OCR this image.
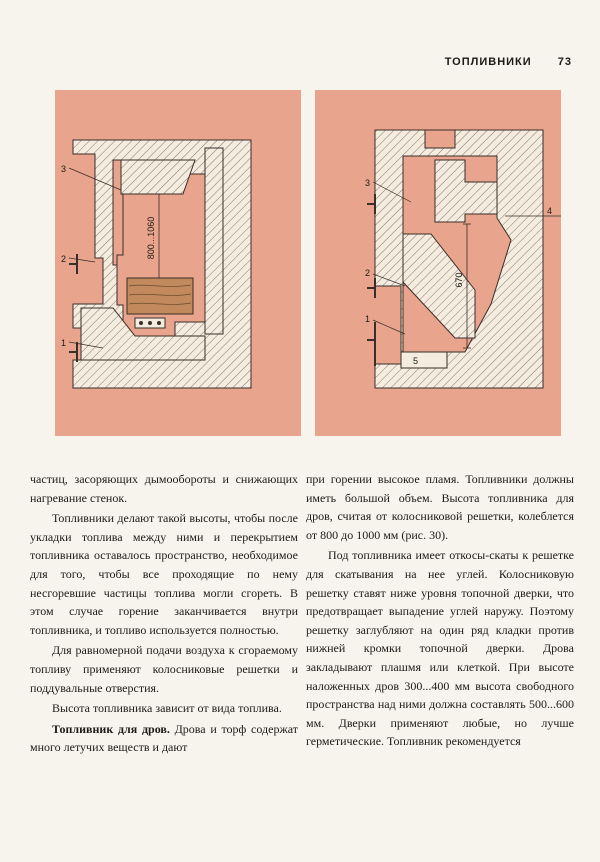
ТОПЛИВНИКИ 73
800...1060
3
2
1
670
3
2
1
4
5

частиц, засоряющих дымообороты и снижающих нагревание стенок.

Топливники делают такой высоты, чтобы после укладки топлива между ними и перекрытием топливника оставалось пространство, необходимое для того, чтобы все проходящие по нему несгоревшие частицы топлива могли сгореть. В этом случае горение заканчивается внутри топливника, и топливо используется полностью.

Для равномерной подачи воздуха к сгораемому топливу применяют колосниковые решетки и поддувальные отверстия.

Высота топливника зависит от вида топлива.

Топливник для дров. Дрова и торф содержат много летучих веществ и дают

при горении высокое пламя. Топливники должны иметь большой объем. Высота топливника для дров, считая от колосниковой решетки, колеблется от 800 до 1000 мм (рис. 30).

Под топливника имеет откосы-скаты к решетке для скатывания на нее углей. Колосниковую решетку ставят ниже уровня топочной дверки, что предотвращает выпадение углей наружу. Поэтому решетку заглубляют на один ряд кладки против нижней кромки топочной дверки. Дрова закладывают плашмя или клеткой. При высоте наложенных дров 300...400 мм высота свободного пространства над ними должна составлять 500...600 мм. Дверки применяют любые, но лучше герметические. Топливник рекомендуется
